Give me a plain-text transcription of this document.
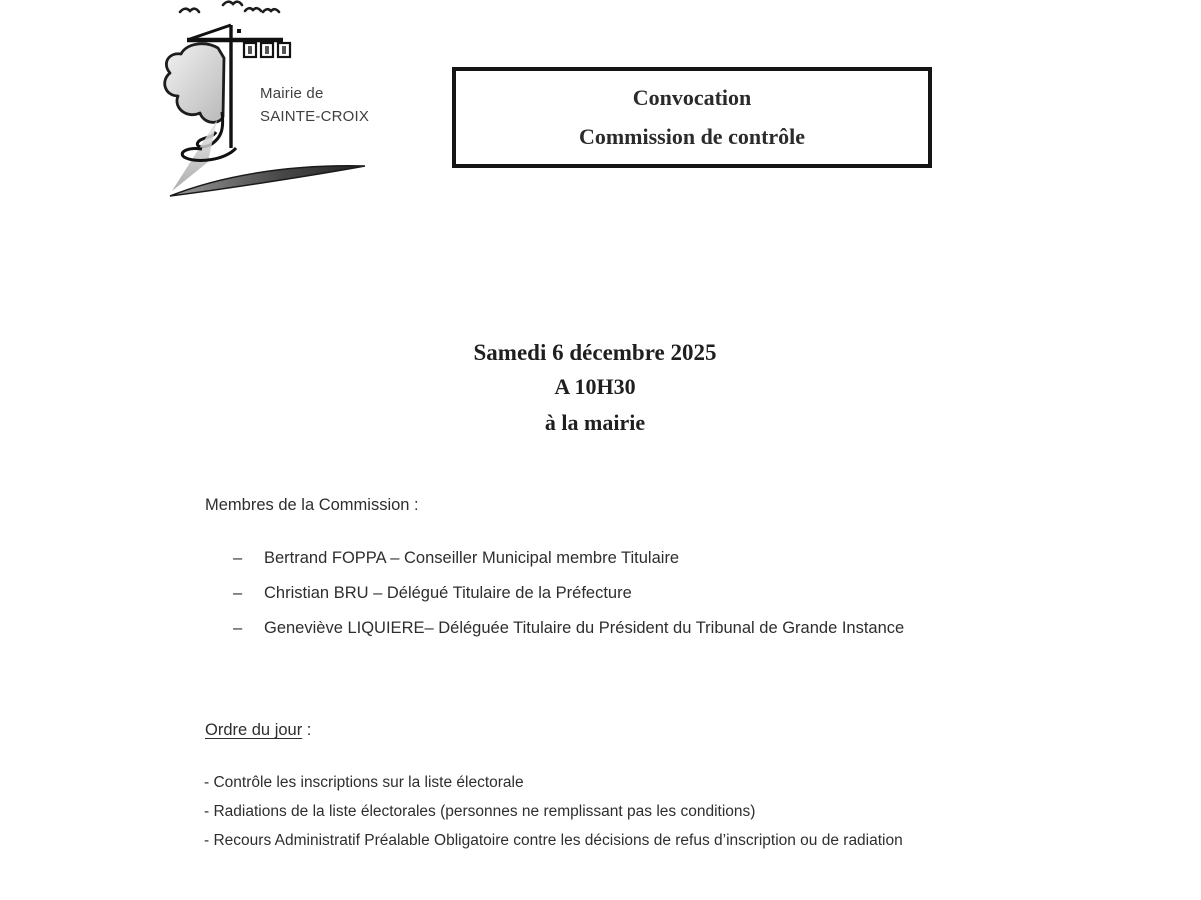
Mairie de
SAINTE-CROIX
Convocation
Commission de contrôle
Samedi 6 décembre 2025
A 10H30
à la mairie
Membres de la Commission :
–	Bertrand FOPPA – Conseiller Municipal membre Titulaire
–	Christian BRU – Délégué Titulaire de la Préfecture
–	Geneviève LIQUIERE– Déléguée Titulaire du Président du Tribunal de Grande Instance
Ordre du jour :
- Contrôle les inscriptions sur la liste électorale
- Radiations de la liste électorales (personnes ne remplissant pas les conditions)
- Recours Administratif Préalable Obligatoire contre les décisions de refus d’inscription ou de radiation
